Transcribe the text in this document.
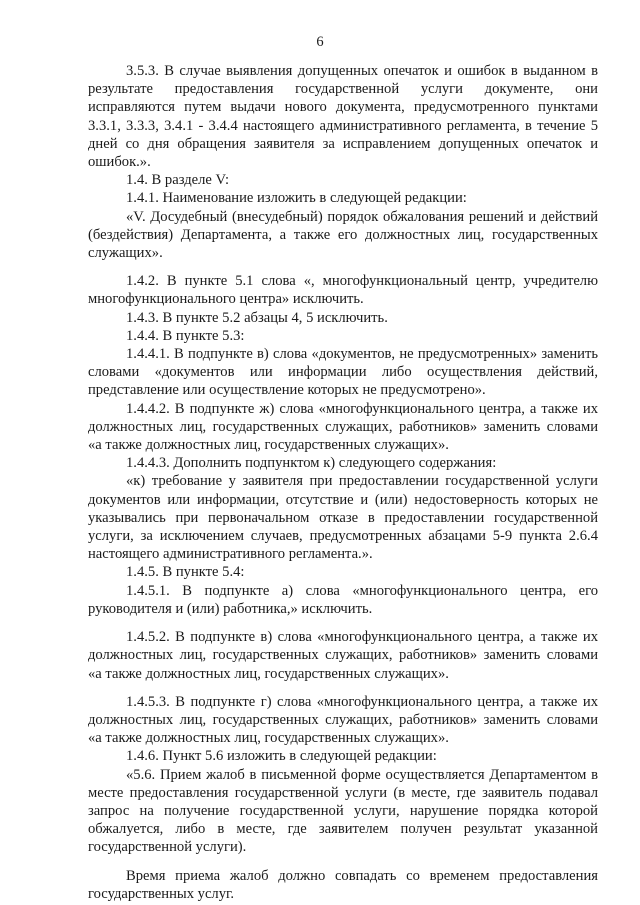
6

3.5.3. В случае выявления допущенных опечаток и ошибок в выданном в результате предоставления государственной услуги документе, они исправляются путем выдачи нового документа, предусмотренного пунктами 3.3.1, 3.3.3, 3.4.1 - 3.4.4 настоящего административного регламента, в течение 5 дней со дня обращения заявителя за исправлением допущенных опечаток и ошибок.».

1.4. В разделе V:

1.4.1. Наименование изложить в следующей редакции:

«V. Досудебный (внесудебный) порядок обжалования решений и действий (бездействия) Департамента, а также его должностных лиц, государственных служащих».

1.4.2. В пункте 5.1 слова «, многофункциональный центр, учредителю многофункционального центра» исключить.

1.4.3. В пункте 5.2 абзацы 4, 5 исключить.

1.4.4. В пункте 5.3:

1.4.4.1. В подпункте в) слова «документов, не предусмотренных» заменить словами «документов или информации либо осуществления действий, представление или осуществление которых не предусмотрено».

1.4.4.2. В подпункте ж) слова «многофункционального центра, а также их должностных лиц, государственных служащих, работников» заменить словами «а также должностных лиц, государственных служащих».

1.4.4.3. Дополнить подпунктом к) следующего содержания:

«к) требование у заявителя при предоставлении государственной услуги документов или информации, отсутствие и (или) недостоверность которых не указывались при первоначальном отказе в предоставлении государственной услуги, за исключением случаев, предусмотренных абзацами 5-9 пункта 2.6.4 настоящего административного регламента.».

1.4.5. В пункте 5.4:

1.4.5.1. В подпункте а) слова «многофункционального центра, его руководителя и (или) работника,» исключить.

1.4.5.2. В подпункте в) слова «многофункционального центра, а также их должностных лиц, государственных служащих, работников» заменить словами «а также должностных лиц, государственных служащих».

1.4.5.3. В подпункте г) слова «многофункционального центра, а также их должностных лиц, государственных служащих, работников» заменить словами «а также должностных лиц, государственных служащих».

1.4.6. Пункт 5.6 изложить в следующей редакции:

«5.6. Прием жалоб в письменной форме осуществляется Департаментом в месте предоставления государственной услуги (в месте, где заявитель подавал запрос на получение государственной услуги, нарушение порядка которой обжалуется, либо в месте, где заявителем получен результат указанной государственной услуги).

Время приема жалоб должно совпадать со временем предоставления государственных услуг.
